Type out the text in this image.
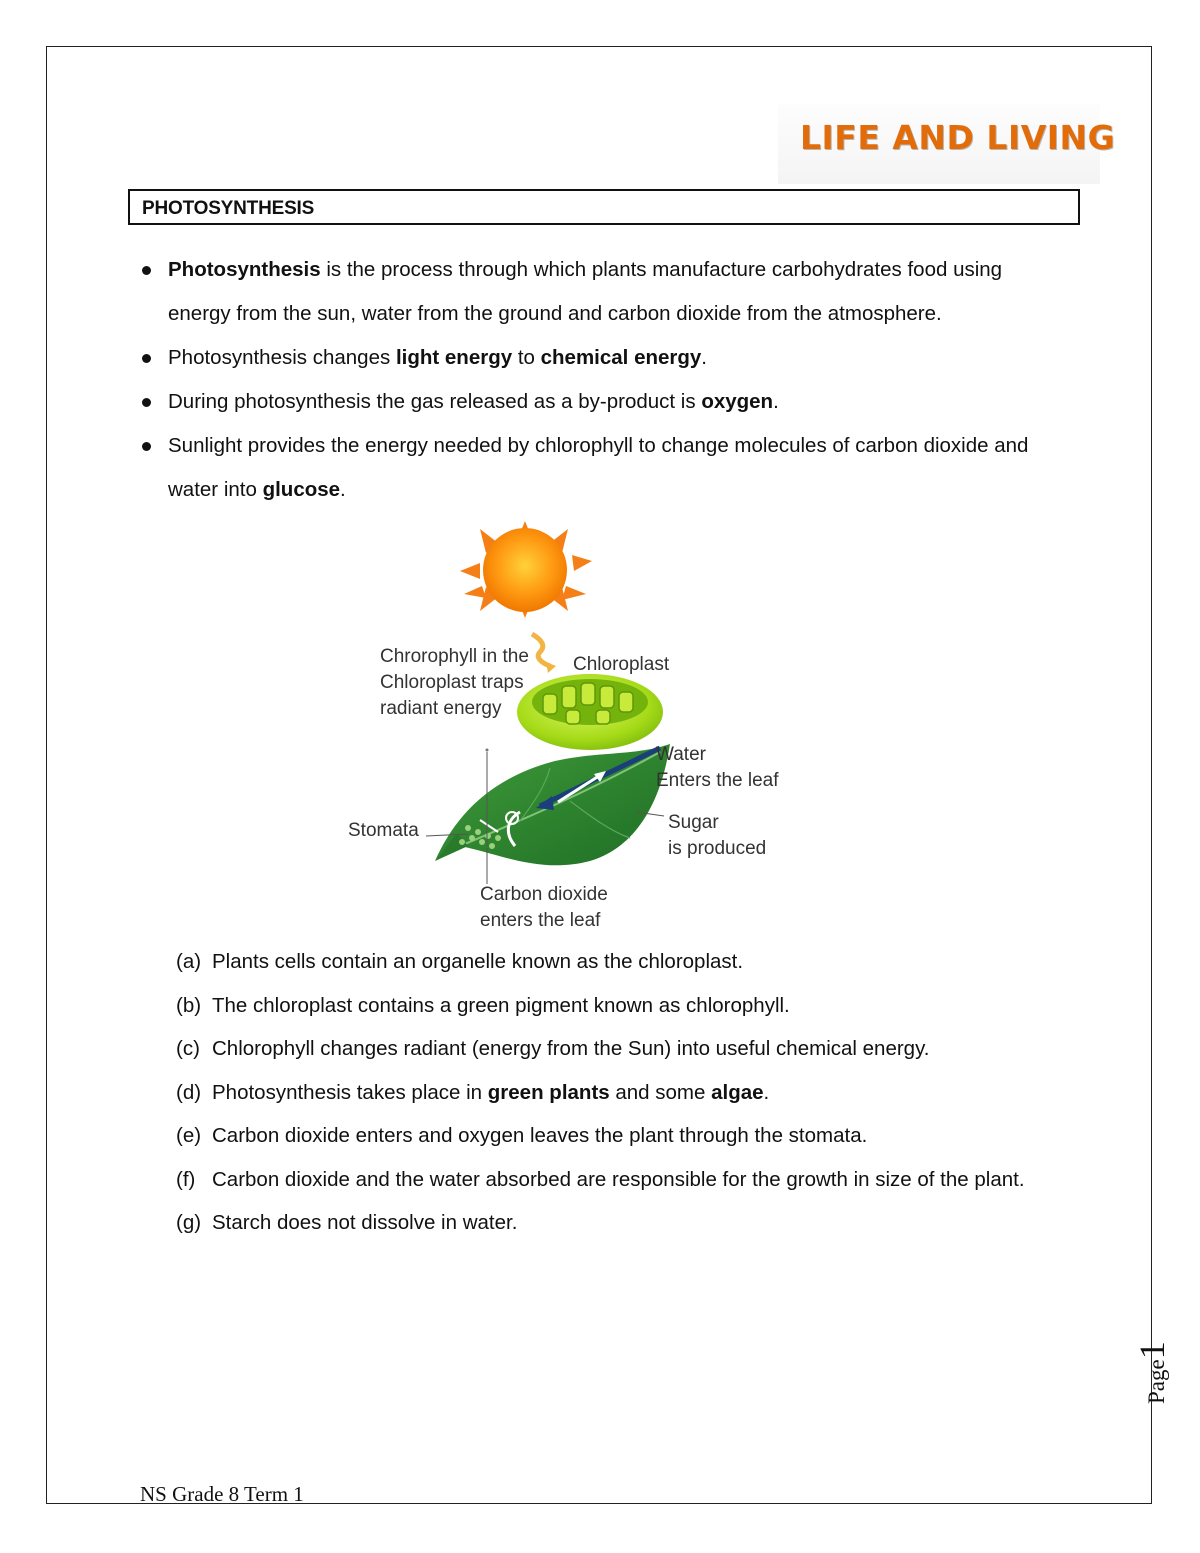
LIFE AND LIVING
PHOTOSYNTHESIS
Photosynthesis is the process through which plants manufacture carbohydrates food using energy from the sun, water from the ground and carbon dioxide from the atmosphere.
Photosynthesis changes light energy to chemical energy.
During photosynthesis the gas released as a by-product is oxygen.
Sunlight provides the energy needed by chlorophyll to change molecules of carbon dioxide and water into glucose.
Chrorophyll in the
Chloroplast traps
radiant energy
Chloroplast
Water
Enters the leaf
Stomata	Sugar
is produced
Carbon dioxide
enters the leaf
(a) Plants cells contain an organelle known as the chloroplast.
(b) The chloroplast contains a green pigment known as chlorophyll.
(c) Chlorophyll changes radiant (energy from the Sun) into useful chemical energy.
(d) Photosynthesis takes place in green plants and some algae.
(e) Carbon dioxide enters and oxygen leaves the plant through the stomata.
(f) Carbon dioxide and the water absorbed are responsible for the growth in size of the plant.
(g) Starch does not dissolve in water.
NS Grade 8 Term 1
Page1
